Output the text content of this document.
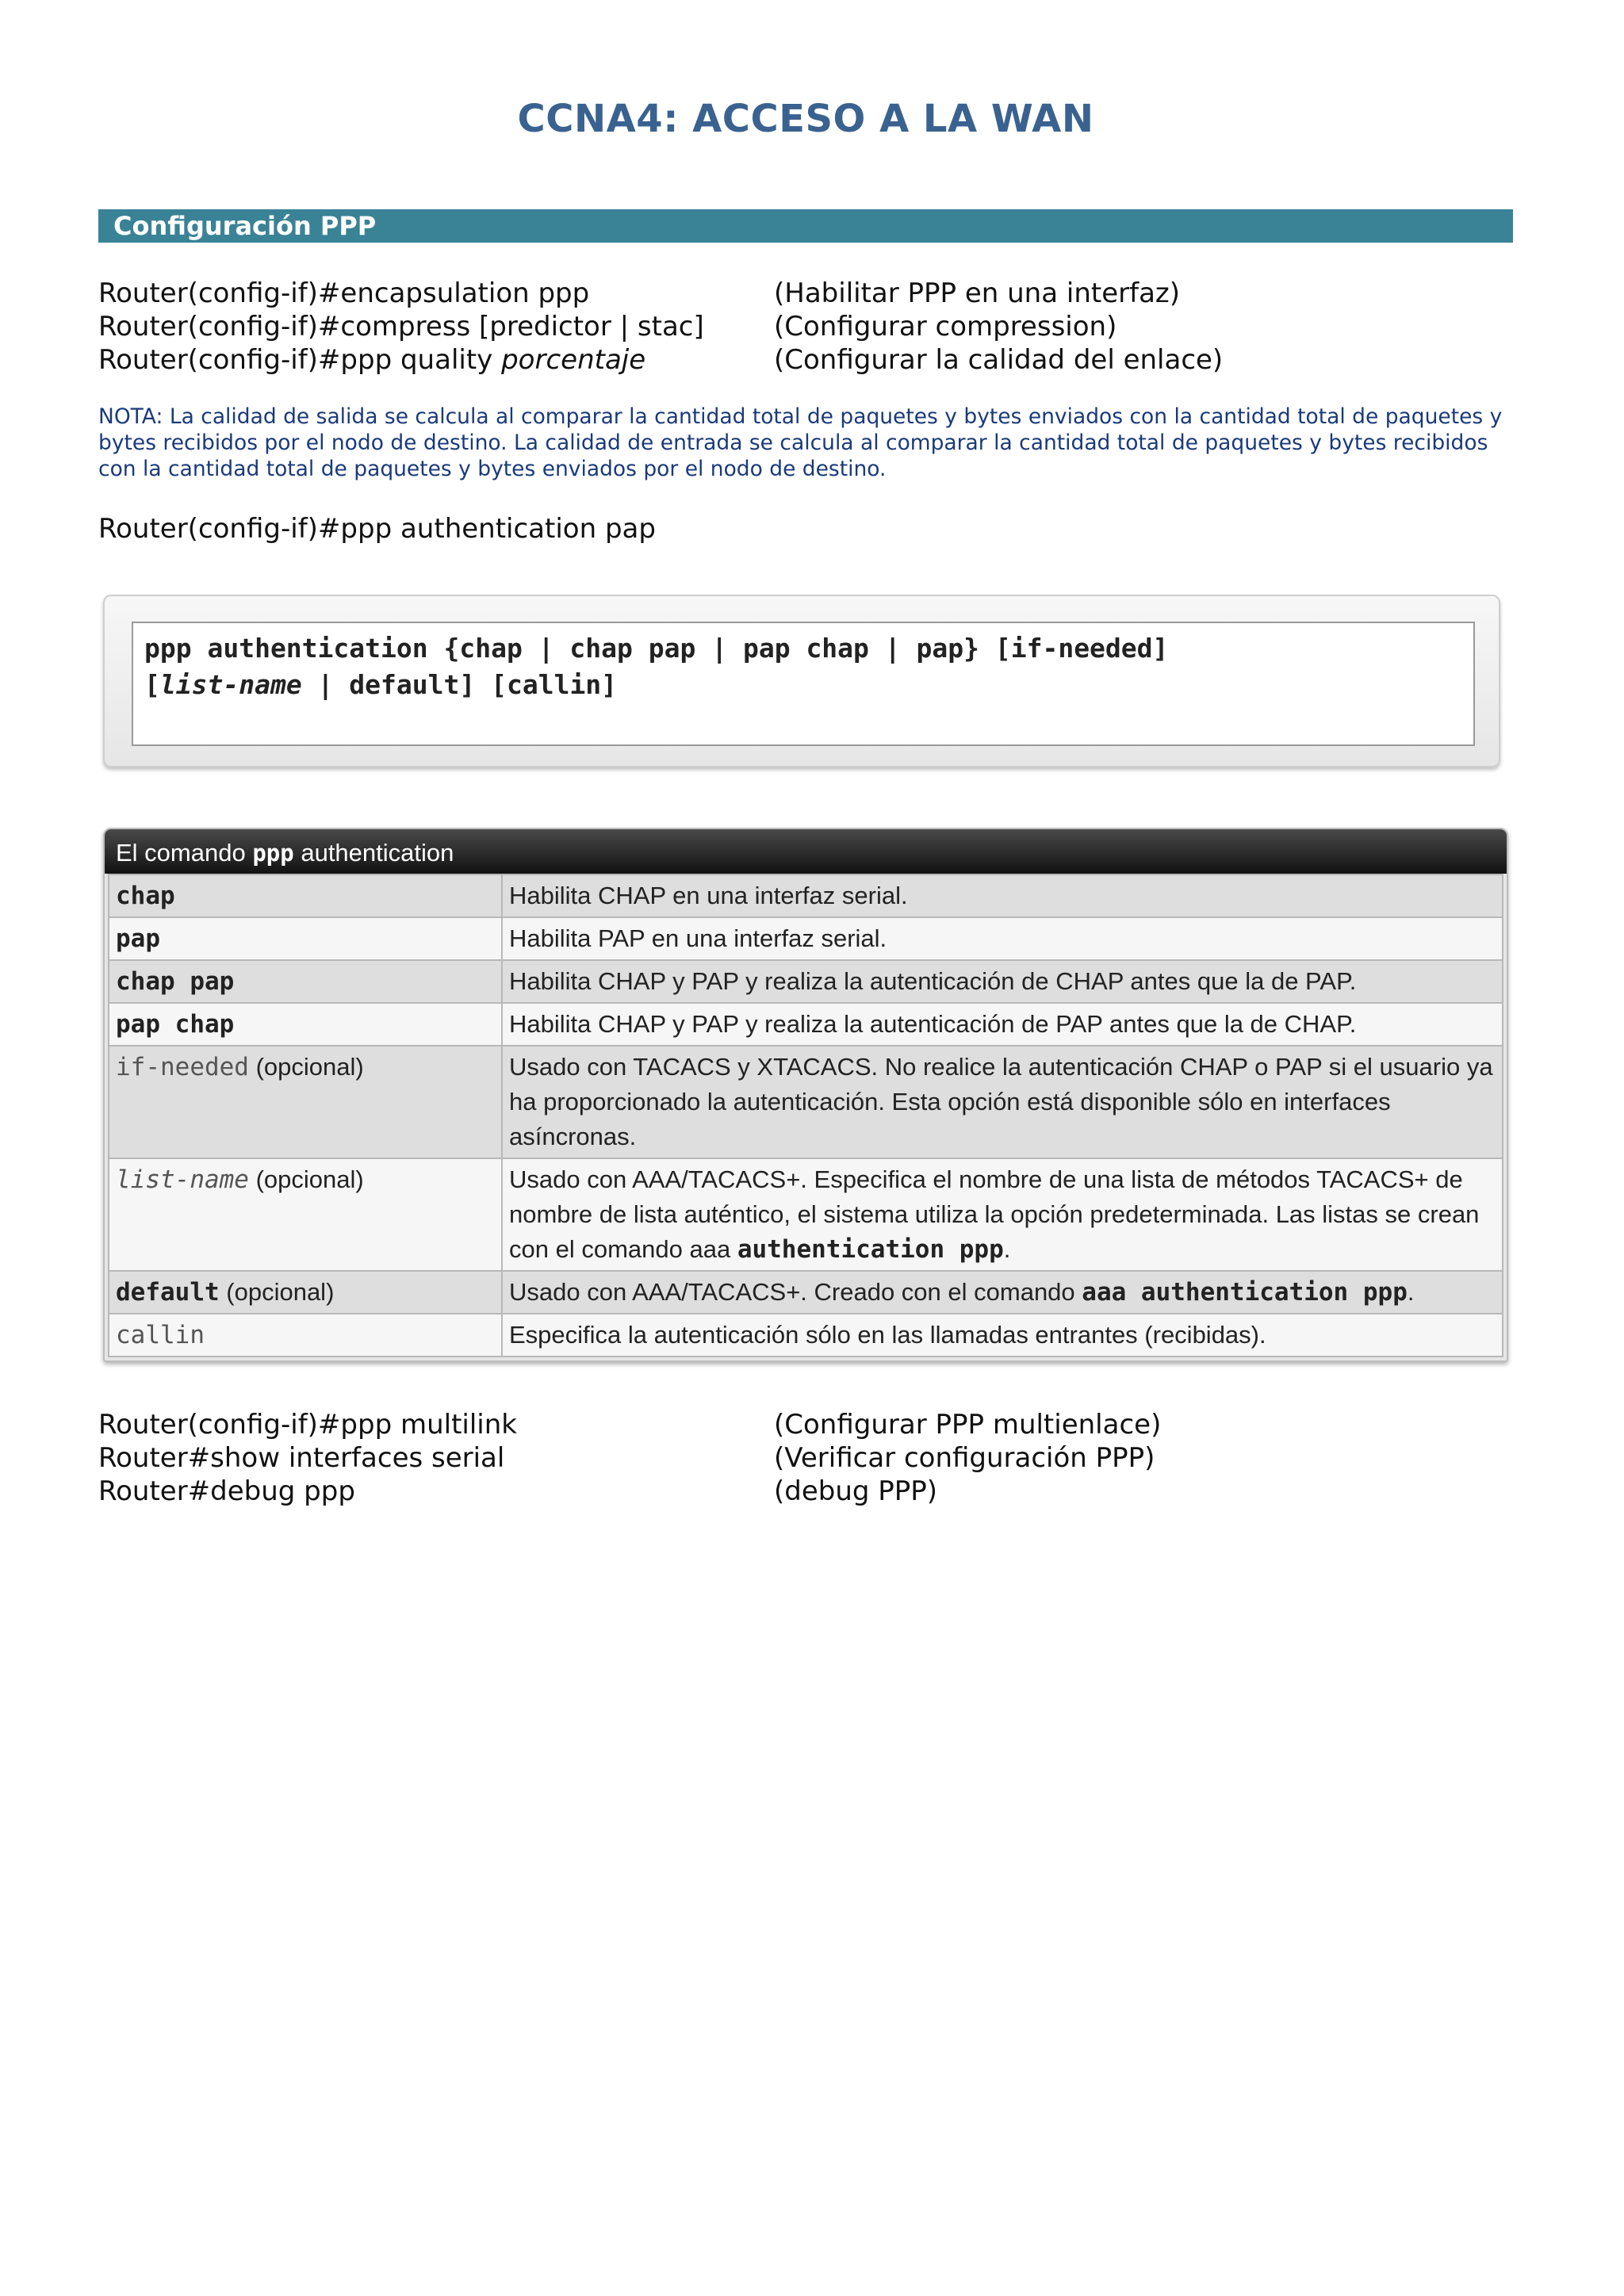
CCNA4: ACCESO A LA WAN
Configuración PPP
Router(config-if)#encapsulation ppp	(Habilitar PPP en una interfaz)
Router(config-if)#compress [predictor | stac]	(Configurar compression)
Router(config-if)#ppp quality porcentaje	(Configurar la calidad del enlace)
NOTA: La calidad de salida se calcula al comparar la cantidad total de paquetes y bytes enviados con la cantidad total de paquetes y bytes recibidos por el nodo de destino. La calidad de entrada se calcula al comparar la cantidad total de paquetes y bytes recibidos con la cantidad total de paquetes y bytes enviados por el nodo de destino.
Router(config-if)#ppp authentication pap
ppp authentication {chap | chap pap | pap chap | pap} [if-needed]
[list-name | default] [callin]
El comando ppp authentication
chap	Habilita CHAP en una interfaz serial.
pap	Habilita PAP en una interfaz serial.
chap pap	Habilita CHAP y PAP y realiza la autenticación de CHAP antes que la de PAP.
pap chap	Habilita CHAP y PAP y realiza la autenticación de PAP antes que la de CHAP.
if-needed (opcional)	Usado con TACACS y XTACACS. No realice la autenticación CHAP o PAP si el usuario ya ha proporcionado la autenticación. Esta opción está disponible sólo en interfaces asíncronas.
list-name (opcional)	Usado con AAA/TACACS+. Especifica el nombre de una lista de métodos TACACS+ de nombre de lista auténtico, el sistema utiliza la opción predeterminada. Las listas se crean con el comando aaa authentication ppp.
default (opcional)	Usado con AAA/TACACS+. Creado con el comando aaa authentication ppp.
callin	Especifica la autenticación sólo en las llamadas entrantes (recibidas).
Router(config-if)#ppp multilink	(Configurar PPP multienlace)
Router#show interfaces serial	(Verificar configuración PPP)
Router#debug ppp	(debug PPP)
